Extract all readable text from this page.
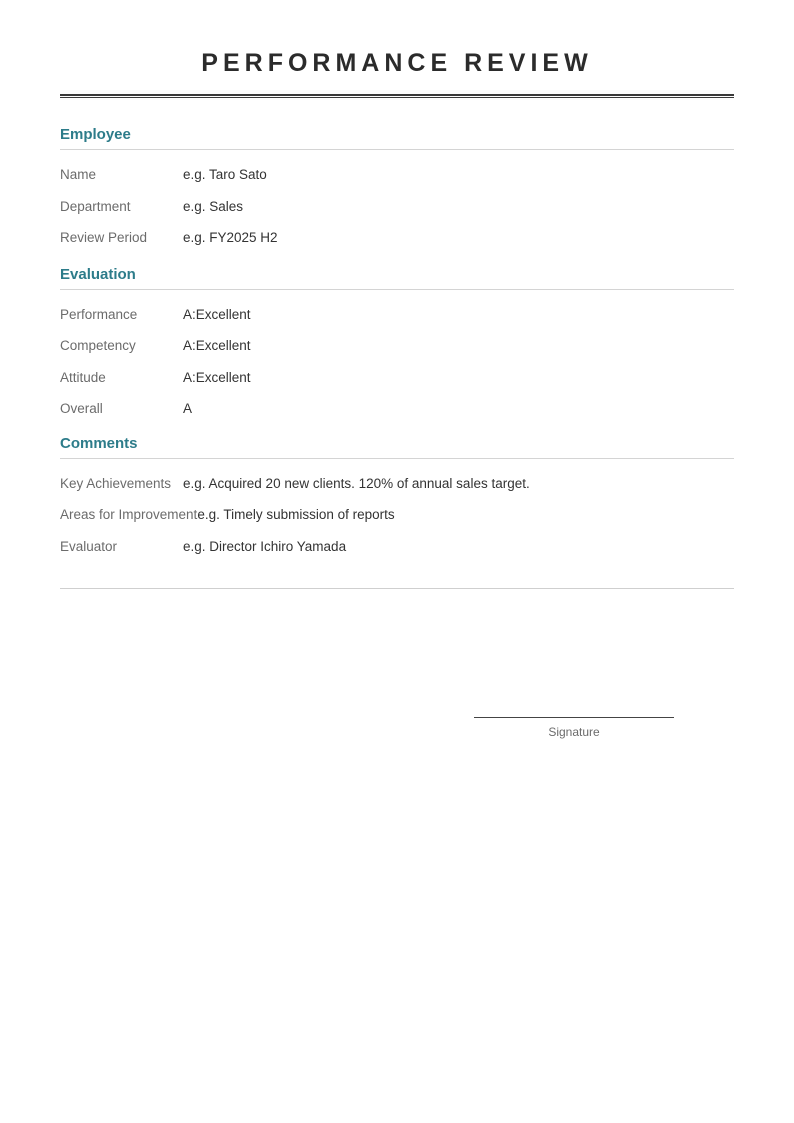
PERFORMANCE REVIEW
Employee
Name	e.g. Taro Sato
Department	e.g. Sales
Review Period	e.g. FY2025 H2
Evaluation
Performance	A:Excellent
Competency	A:Excellent
Attitude	A:Excellent
Overall	A
Comments
Key Achievements e.g. Acquired 20 new clients. 120% of annual sales target.
Areas for Improvement e.g. Timely submission of reports
Evaluator	e.g. Director Ichiro Yamada
Signature
